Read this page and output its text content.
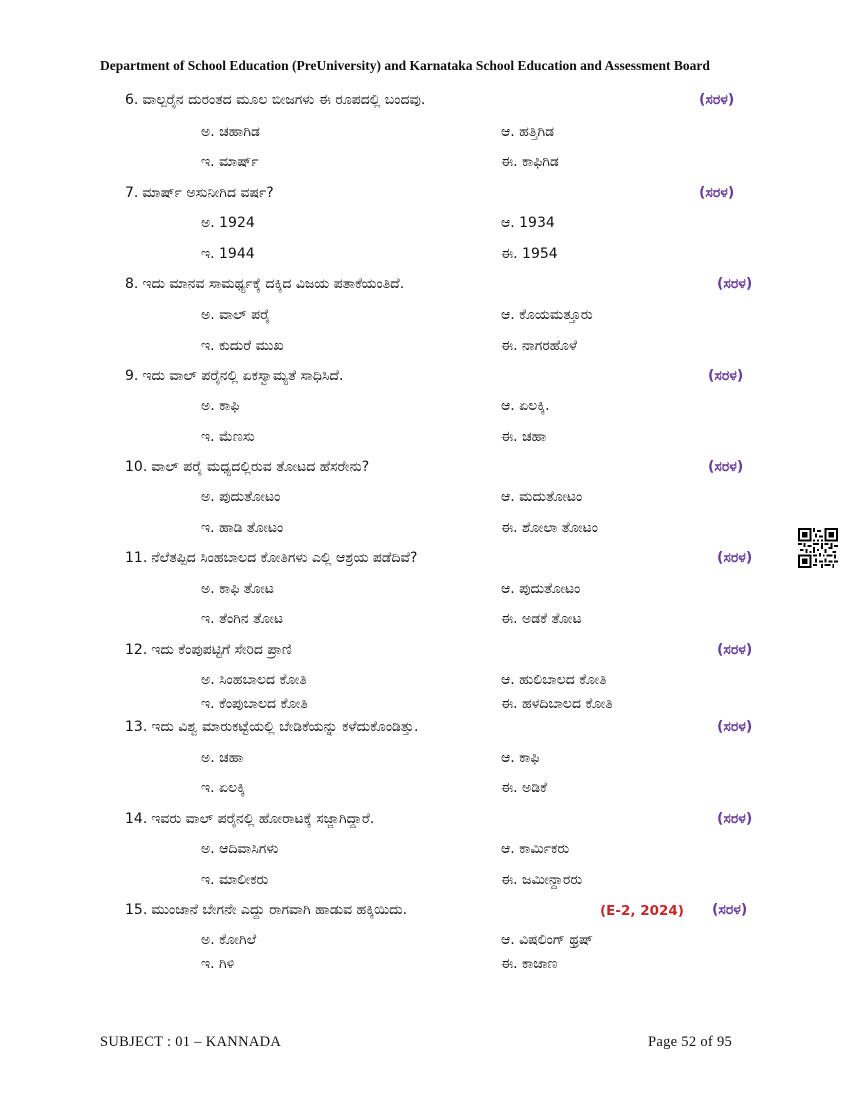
Department of School Education (PreUniversity) and Karnataka School Education and Assessment Board
6. ವಾಲ್ಪರೈನ ದುರಂತದ ಮೂಲ ಬೀಜಗಳು ಈ ರೂಪದಲ್ಲಿ ಬಂದವು.	(ಸರಳ)
ಅ. ಚಹಾಗಿಡ	ಆ. ಹತ್ತಿಗಿಡ
ಇ. ಮಾರ್ಷ್	ಈ. ಕಾಫಿಗಿಡ
7. ಮಾರ್ಷ್ ಅಸುನೀಗಿದ ವರ್ಷ?	(ಸರಳ)
ಅ. 1924	ಆ. 1934
ಇ. 1944	ಈ. 1954
8. ಇದು ಮಾನವ ಸಾಮರ್ಥ್ಯಕ್ಕೆ ದಕ್ಕಿದ ವಿಜಯ ಪತಾಕೆಯಂತಿದೆ.	(ಸರಳ)
ಅ. ವಾಲ್ ಪರೈ	ಆ. ಕೊಯಮತ್ತೂರು
ಇ. ಕುದುರೆ ಮುಖ	ಈ. ನಾಗರಹೊಳೆ
9. ಇದು ವಾಲ್ ಪರೈನಲ್ಲಿ ಏಕಸ್ವಾಮ್ಯತೆ ಸಾಧಿಸಿದೆ.	(ಸರಳ)
ಅ. ಕಾಫಿ	ಆ. ಏಲಕ್ಕಿ.
ಇ. ಮೆಣಸು	ಈ. ಚಹಾ
10. ವಾಲ್ ಪರೈ ಮಧ್ಯದಲ್ಲಿರುವ ತೋಟದ ಹೆಸರೇನು?	(ಸರಳ)
ಅ. ಪುದುತೋಟಂ	ಆ. ಮದುತೋಟಂ
ಇ. ಹಾಡಿ ತೋಟಂ	ಈ. ಶೋಲಾ ತೋಟಂ
11. ನೆಲೆತಪ್ಪಿದ ಸಿಂಹಬಾಲದ ಕೋತಿಗಳು ಎಲ್ಲಿ ಆಶ್ರಯ ಪಡೆದಿವೆ?	(ಸರಳ)
ಅ. ಕಾಫಿ ತೋಟ	ಆ. ಪುದುತೋಟಂ
ಇ. ತೆಂಗಿನ ತೋಟ	ಈ. ಅಡಕೆ ತೋಟ
12. ಇದು ಕೆಂಪುಪಟ್ಟಿಗೆ ಸೇರಿದ ಪ್ರಾಣಿ	(ಸರಳ)
ಅ. ಸಿಂಹಬಾಲದ ಕೋತಿ	ಆ. ಹುಲಿಬಾಲದ ಕೋತಿ
ಇ. ಕೆಂಪುಬಾಲದ ಕೋತಿ	ಈ. ಹಳದಿಬಾಲದ ಕೋತಿ
13. ಇದು ವಿಶ್ವ ಮಾರುಕಟ್ಟೆಯಲ್ಲಿ ಬೇಡಿಕೆಯನ್ನು ಕಳೆದುಕೊಂಡಿತ್ತು.	(ಸರಳ)
ಅ. ಚಹಾ	ಆ. ಕಾಫಿ
ಇ. ಏಲಕ್ಕಿ	ಈ. ಅಡಿಕೆ
14. ಇವರು ವಾಲ್ ಪರೈನಲ್ಲಿ ಹೋರಾಟಕ್ಕೆ ಸಜ್ಜಾಗಿದ್ದಾರೆ.	(ಸರಳ)
ಅ. ಆದಿವಾಸಿಗಳು	ಆ. ಕಾರ್ಮಿಕರು
ಇ. ಮಾಲೀಕರು	ಈ. ಜಮೀನ್ದಾರರು
15. ಮುಂಜಾನೆ ಬೇಗನೇ ಎದ್ದು ರಾಗವಾಗಿ ಹಾಡುವ ಹಕ್ಕಿಯಿದು.	(E-2, 2024) (ಸರಳ)
ಅ. ಕೋಗಿಲೆ	ಆ. ವಿಷಲಿಂಗ್ ಥ್ರಷ್
ಇ. ಗಿಳಿ	ಈ. ಕಾಜಾಣ
SUBJECT : 01 – KANNADA	Page 52 of 95
